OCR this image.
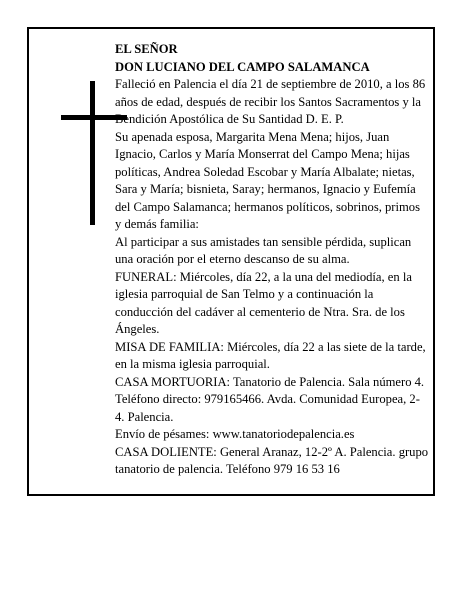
EL SEÑOR

DON LUCIANO DEL CAMPO SALAMANCA

Falleció en Palencia el día 21 de septiembre de 2010, a los 86 años de edad, después de recibir los Santos Sacramentos y la Bendición Apostólica de Su Santidad D. E. P.

Su apenada esposa, Margarita Mena Mena; hijos, Juan Ignacio, Carlos y María Monserrat del Campo Mena; hijas políticas, Andrea Soledad Escobar y María Albalate; nietas, Sara y María; bisnieta, Saray; hermanos, Ignacio y Eufemía del Campo Salamanca; hermanos políticos, sobrinos, primos y demás familia:

Al participar a sus amistades tan sensible pérdida, suplican una oración por el eterno descanso de su alma.

FUNERAL: Miércoles, día 22, a la una del mediodía, en la iglesia parroquial de San Telmo y a continuación la conducción del cadáver al cementerio de Ntra. Sra. de los Ángeles.

MISA DE FAMILIA: Miércoles, día 22 a las siete de la tarde, en la misma iglesia parroquial.

CASA MORTUORIA: Tanatorio de Palencia. Sala número 4. Teléfono directo: 979165466. Avda. Comunidad Europea, 2-4. Palencia.

Envío de pésames: www.tanatoriodepalencia.es

CASA DOLIENTE: General Aranaz, 12-2º A. Palencia. grupo tanatorio de palencia. Teléfono 979 16 53 16
